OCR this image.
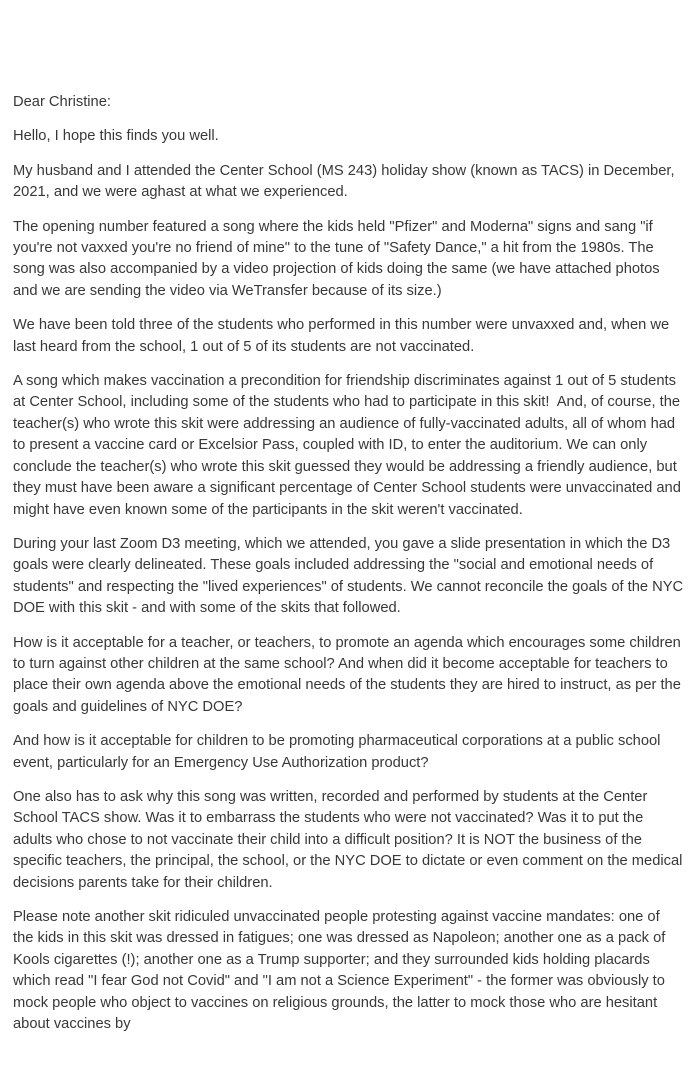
Dear Christine:

Hello, I hope this finds you well.

My husband and I attended the Center School (MS 243) holiday show (known as TACS) in December, 2021, and we were aghast at what we experienced.

The opening number featured a song where the kids held "Pfizer" and Moderna" signs and sang "if you're not vaxxed you're no friend of mine" to the tune of "Safety Dance," a hit from the 1980s. The song was also accompanied by a video projection of kids doing the same (we have attached photos and we are sending the video via WeTransfer because of its size.)

We have been told three of the students who performed in this number were unvaxxed and, when we last heard from the school, 1 out of 5 of its students are not vaccinated.

A song which makes vaccination a precondition for friendship discriminates against 1 out of 5 students at Center School, including some of the students who had to participate in this skit!  And, of course, the teacher(s) who wrote this skit were addressing an audience of fully-vaccinated adults, all of whom had to present a vaccine card or Excelsior Pass, coupled with ID, to enter the auditorium. We can only conclude the teacher(s) who wrote this skit guessed they would be addressing a friendly audience, but they must have been aware a significant percentage of Center School students were unvaccinated and might have even known some of the participants in the skit weren't vaccinated.

During your last Zoom D3 meeting, which we attended, you gave a slide presentation in which the D3 goals were clearly delineated. These goals included addressing the "social and emotional needs of students" and respecting the "lived experiences" of students. We cannot reconcile the goals of the NYC DOE with this skit - and with some of the skits that followed.

How is it acceptable for a teacher, or teachers, to promote an agenda which encourages some children to turn against other children at the same school? And when did it become acceptable for teachers to place their own agenda above the emotional needs of the students they are hired to instruct, as per the goals and guidelines of NYC DOE?

And how is it acceptable for children to be promoting pharmaceutical corporations at a public school event, particularly for an Emergency Use Authorization product?

One also has to ask why this song was written, recorded and performed by students at the Center School TACS show. Was it to embarrass the students who were not vaccinated? Was it to put the adults who chose to not vaccinate their child into a difficult position? It is NOT the business of the specific teachers, the principal, the school, or the NYC DOE to dictate or even comment on the medical decisions parents take for their children.

Please note another skit ridiculed unvaccinated people protesting against vaccine mandates: one of the kids in this skit was dressed in fatigues; one was dressed as Napoleon; another one as a pack of Kools cigarettes (!); another one as a Trump supporter; and they surrounded kids holding placards which read "I fear God not Covid" and "I am not a Science Experiment" - the former was obviously to mock people who object to vaccines on religious grounds, the latter to mock those who are hesitant about vaccines by
